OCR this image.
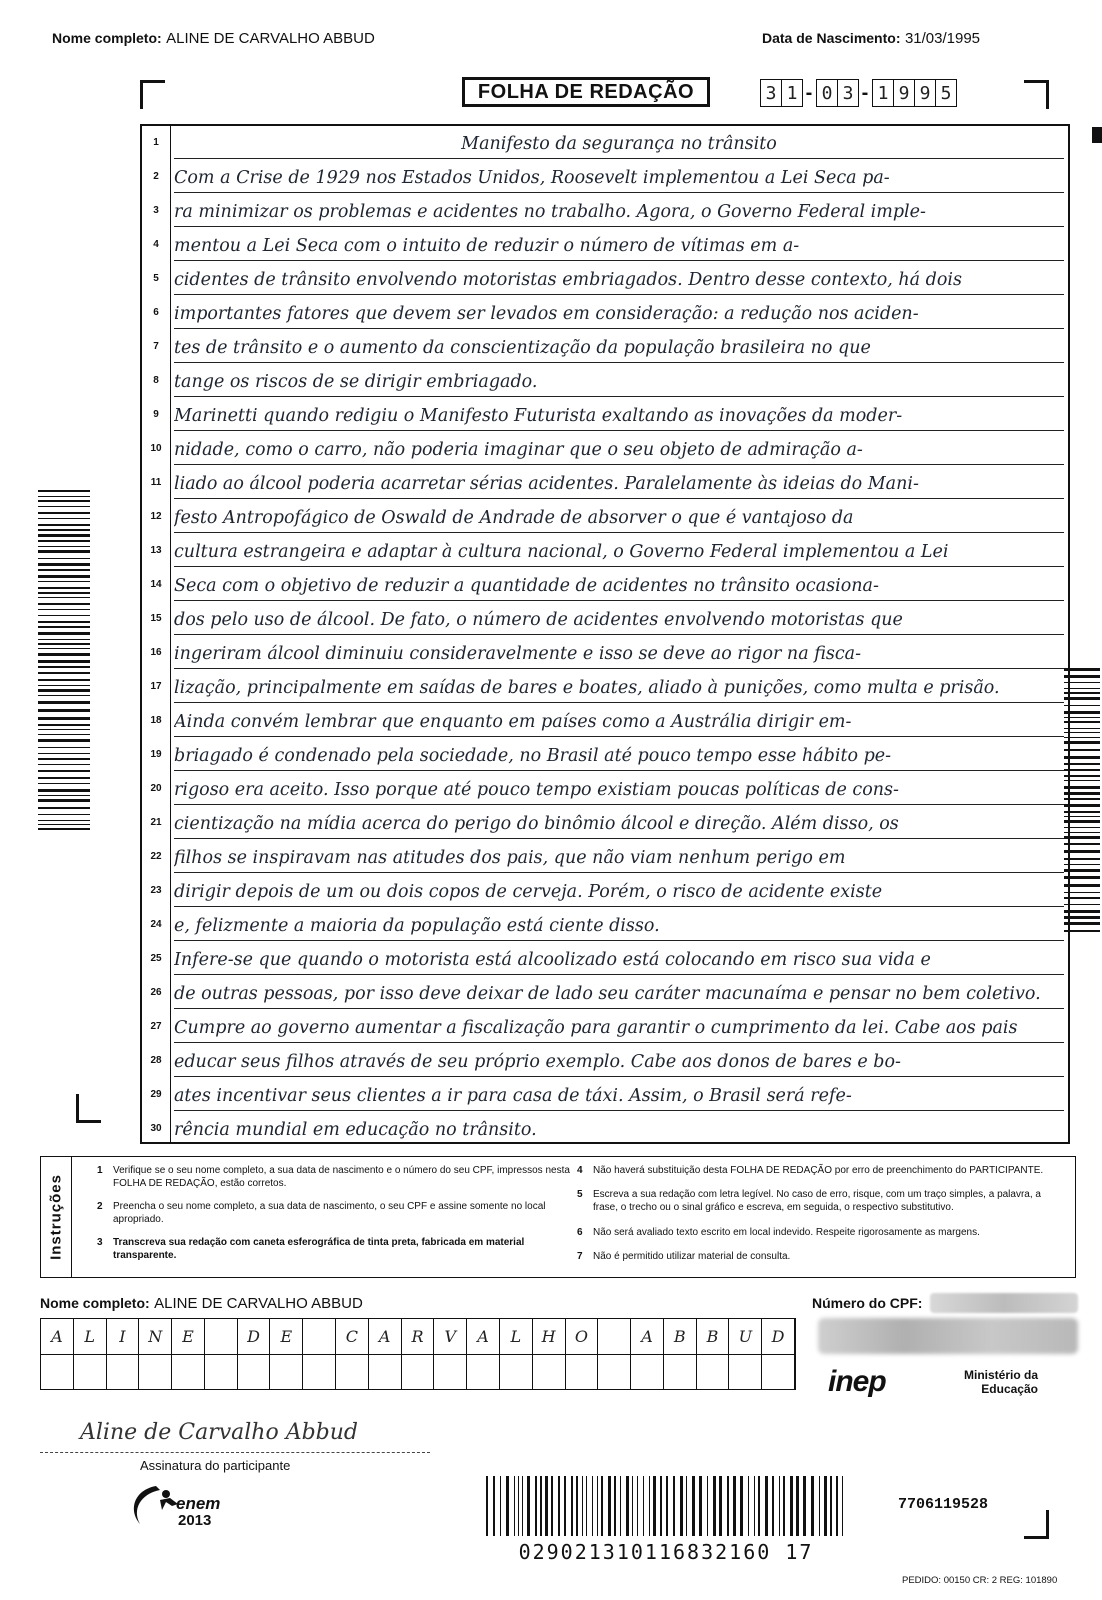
Nome completo: ALINE DE CARVALHO ABBUD	Data de Nascimento: 31/03/1995
FOLHA DE REDAÇÃO	3 1 - 0 3 - 1 9 9 5
1	Manifesto da segurança no trânsito
2 Com a Crise de 1929 nos Estados Unidos, Roosevelt implementou a Lei Seca pa-
3 ra minimizar os problemas e acidentes no trabalho. Agora, o Governo Federal imple-
4 mentou a Lei Seca com o intuito de reduzir o número de vítimas em a-
5 cidentes de trânsito envolvendo motoristas embriagados. Dentro desse contexto, há dois
6 importantes fatores que devem ser levados em consideração: a redução nos aciden-
7 tes de trânsito e o aumento da conscientização da população brasileira no que
8 tange os riscos de se dirigir embriagado.
9 Marinetti quando redigiu o Manifesto Futurista exaltando as inovações da moder-
10 nidade, como o carro, não poderia imaginar que o seu objeto de admiração a-
11 liado ao álcool poderia acarretar sérias acidentes. Paralelamente às ideias do Mani-
12 festo Antropofágico de Oswald de Andrade de absorver o que é vantajoso da
13 cultura estrangeira e adaptar à cultura nacional, o Governo Federal implementou a Lei
14 Seca com o objetivo de reduzir a quantidade de acidentes no trânsito ocasiona-
15 dos pelo uso de álcool. De fato, o número de acidentes envolvendo motoristas que
16 ingeriram álcool diminuiu consideravelmente e isso se deve ao rigor na fisca-
17 lização, principalmente em saídas de bares e boates, aliado à punições, como multa e prisão.
18 Ainda convém lembrar que enquanto em países como a Austrália dirigir em-
19 briagado é condenado pela sociedade, no Brasil até pouco tempo esse hábito pe-
20 rigoso era aceito. Isso porque até pouco tempo existiam poucas políticas de cons-
21 cientização na mídia acerca do perigo do binômio álcool e direção. Além disso, os
22 filhos se inspiravam nas atitudes dos pais, que não viam nenhum perigo em
23 dirigir depois de um ou dois copos de cerveja. Porém, o risco de acidente existe
24 e, felizmente a maioria da população está ciente disso.
25 Infere-se que quando o motorista está alcoolizado está colocando em risco sua vida e
26 de outras pessoas, por isso deve deixar de lado seu caráter macunaíma e pensar no bem coletivo.
27 Cumpre ao governo aumentar a fiscalização para garantir o cumprimento da lei. Cabe aos pais
28 educar seus filhos através de seu próprio exemplo. Cabe aos donos de bares e bo-
29 ates incentivar seus clientes a ir para casa de táxi. Assim, o Brasil será refe-
30 rência mundial em educação no trânsito.
Instruções
1 Verifique se o seu nome completo, a sua data de nascimento e o número do seu CPF, impressos nesta FOLHA DE REDAÇÃO, estão corretos.
2 Preencha o seu nome completo, a sua data de nascimento, o seu CPF e assine somente no local apropriado.
3 Transcreva sua redação com caneta esferográfica de tinta preta, fabricada em material transparente.
4 Não haverá substituição desta FOLHA DE REDAÇÃO por erro de preenchimento do PARTICIPANTE.
5 Escreva a sua redação com letra legível. No caso de erro, risque, com um traço simples, a palavra, a frase, o trecho ou o sinal gráfico e escreva, em seguida, o respectivo substitutivo.
6 Não será avaliado texto escrito em local indevido. Respeite rigorosamente as margens.
7 Não é permitido utilizar material de consulta.
Nome completo: ALINE DE CARVALHO ABBUD
A	L	I	N	E	D	E	C	A	R	V	A	L	H	O	A	B	B	U	D
Número do CPF:
inep	Ministério da Educação
Aline de Carvalho Abbud
Assinatura do participante
enem
2013
029021310116832160 17
7706119528
PEDIDO: 00150 CR: 2 REG: 101890
